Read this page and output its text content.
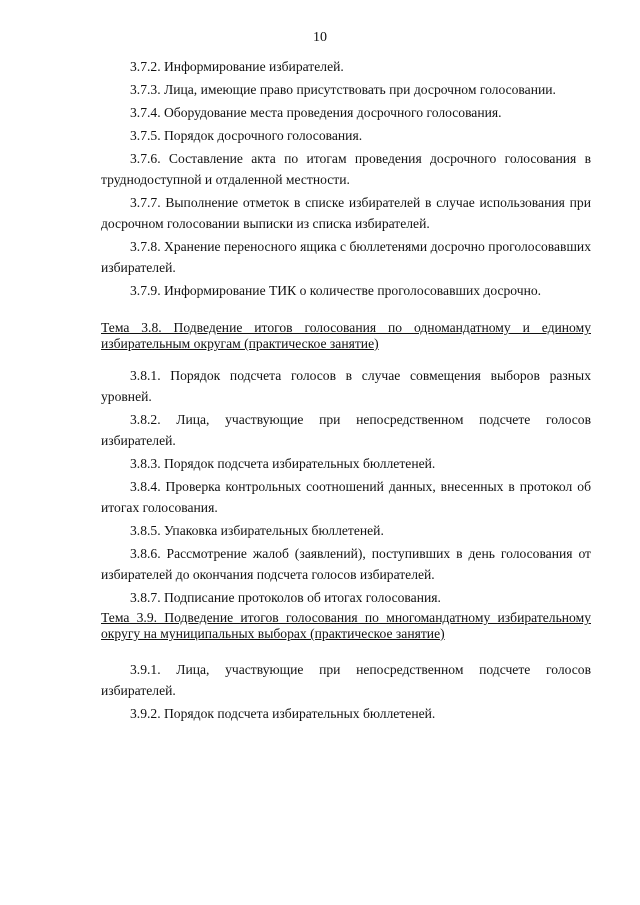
10

3.7.2. Информирование избирателей.

3.7.3. Лица, имеющие право присутствовать при досрочном голосовании.

3.7.4. Оборудование места проведения досрочного голосования.

3.7.5. Порядок досрочного голосования.

3.7.6. Составление акта по итогам проведения досрочного голосования в труднодоступной и отдаленной местности.

3.7.7. Выполнение отметок в списке избирателей в случае использования при досрочном голосовании выписки из списка избирателей.

3.7.8. Хранение переносного ящика с бюллетенями досрочно проголосовавших избирателей.

3.7.9. Информирование ТИК о количестве проголосовавших досрочно.

Тема 3.8. Подведение итогов голосования по одномандатному и единому избирательным округам (практическое занятие)

3.8.1. Порядок подсчета голосов в случае совмещения выборов разных уровней.

3.8.2. Лица, участвующие при непосредственном подсчете голосов избирателей.

3.8.3. Порядок подсчета избирательных бюллетеней.

3.8.4. Проверка контрольных соотношений данных, внесенных в протокол об итогах голосования.

3.8.5. Упаковка избирательных бюллетеней.

3.8.6. Рассмотрение жалоб (заявлений), поступивших в день голосования от избирателей до окончания подсчета голосов избирателей.

3.8.7. Подписание протоколов об итогах голосования.

Тема 3.9. Подведение итогов голосования по многомандатному избирательному округу на муниципальных выборах (практическое занятие)

3.9.1. Лица, участвующие при непосредственном подсчете голосов избирателей.

3.9.2. Порядок подсчета избирательных бюллетеней.
